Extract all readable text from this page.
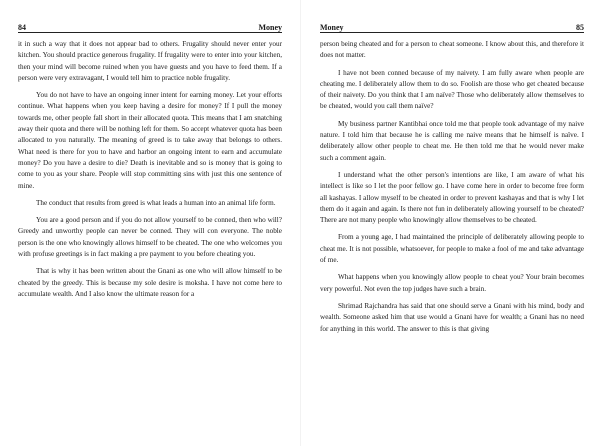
84	Money

it in such a way that it does not appear bad to others. Frugality should never enter your kitchen. You should practice generous frugality. If frugality were to enter into your kitchen, then your mind will become ruined when you have guests and you have to feed them. If a person were very extravagant, I would tell him to practice noble frugality.

You do not have to have an ongoing inner intent for earning money. Let your efforts continue. What happens when you keep having a desire for money? If I pull the money towards me, other people fall short in their allocated quota. This means that I am snatching away their quota and there will be nothing left for them. So accept whatever quota has been allocated to you naturally. The meaning of greed is to take away that belongs to others. What need is there for you to have and harbor an ongoing intent to earn and accumulate money? Do you have a desire to die? Death is inevitable and so is money that is going to come to you as your share. People will stop committing sins with just this one sentence of mine.

The conduct that results from greed is what leads a human into an animal life form.

You are a good person and if you do not allow yourself to be conned, then who will? Greedy and unworthy people can never be conned. They will con everyone. The noble person is the one who knowingly allows himself to be cheated. The one who welcomes you with profuse greetings is in fact making a pre payment to you before cheating you.

That is why it has been written about the Gnani as one who will allow himself to be cheated by the greedy. This is because my sole desire is moksha. I have not come here to accumulate wealth. And I also know the ultimate reason for a

Money	85

person being cheated and for a person to cheat someone. I know about this, and therefore it does not matter.

I have not been conned because of my naivety. I am fully aware when people are cheating me. I deliberately allow them to do so. Foolish are those who get cheated because of their naivety. Do you think that I am naïve? Those who deliberately allow themselves to be cheated, would you call them naïve?

My business partner Kantibhai once told me that people took advantage of my naive nature. I told him that because he is calling me naive means that he himself is naïve. I deliberately allow other people to cheat me. He then told me that he would never make such a comment again.

I understand what the other person's intentions are like, I am aware of what his intellect is like so I let the poor fellow go. I have come here in order to become free form all kashayas. I allow myself to be cheated in order to prevent kashayas and that is why I let them do it again and again. Is there not fun in deliberately allowing yourself to be cheated? There are not many people who knowingly allow themselves to be cheated.

From a young age, I had maintained the principle of deliberately allowing people to cheat me. It is not possible, whatsoever, for people to make a fool of me and take advantage of me.

What happens when you knowingly allow people to cheat you? Your brain becomes very powerful. Not even the top judges have such a brain.

Shrimad Rajchandra has said that one should serve a Gnani with his mind, body and wealth. Someone asked him that use would a Gnani have for wealth; a Gnani has no need for anything in this world. The answer to this is that giving
